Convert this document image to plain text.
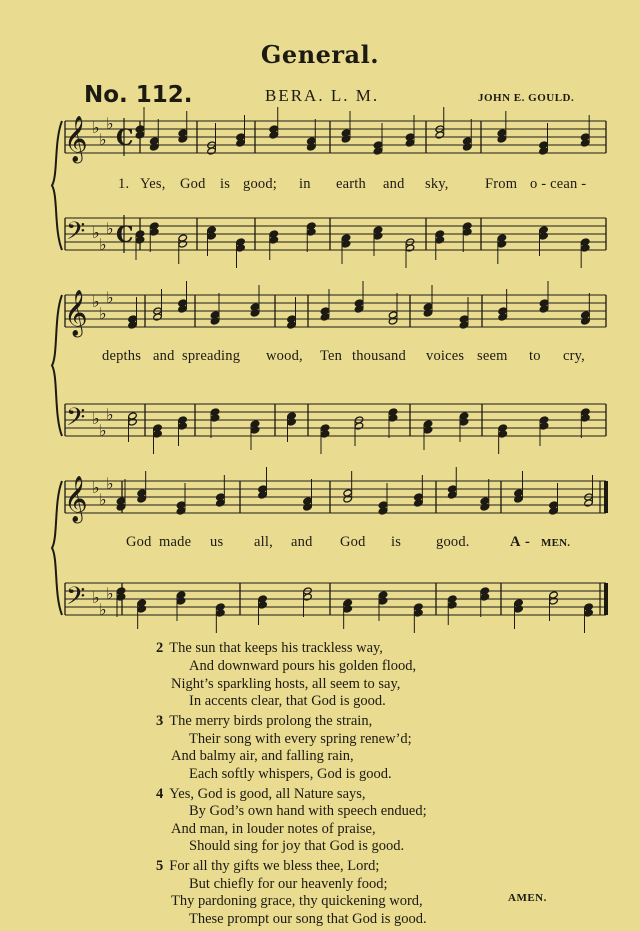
General.
No. 112.	BERA. L. M.	JOHN E. GOULD.
𝄞 ♭
♭
♭
C
𝄢 ♭
♭
♭ C
𝄞 ♭
♭
♭
𝄢 ♭
♭
♭
𝄞 ♭
♭
♭
𝄢 ♭
♭
♭
1. Yes, God is good; in earth and sky,	From o - cean -
depths and spreading wood, Ten thousand voices seem to cry,
God made us all, and God is good.	A - MEN.
2 The sun that keeps his trackless way,
And downward pours his golden flood,
Night’s sparkling hosts, all seem to say,
In accents clear, that God is good.
3 The merry birds prolong the strain,
Their song with every spring renew’d;
And balmy air, and falling rain,
Each softly whispers, God is good.
4 Yes, God is good, all Nature says,
By God’s own hand with speech endued;
And man, in louder notes of praise,
Should sing for joy that God is good.
5 For all thy gifts we bless thee, Lord;
But chiefly for our heavenly food;
Thy pardoning grace, thy quickening word,
These prompt our song that God is good.
AMEN.
